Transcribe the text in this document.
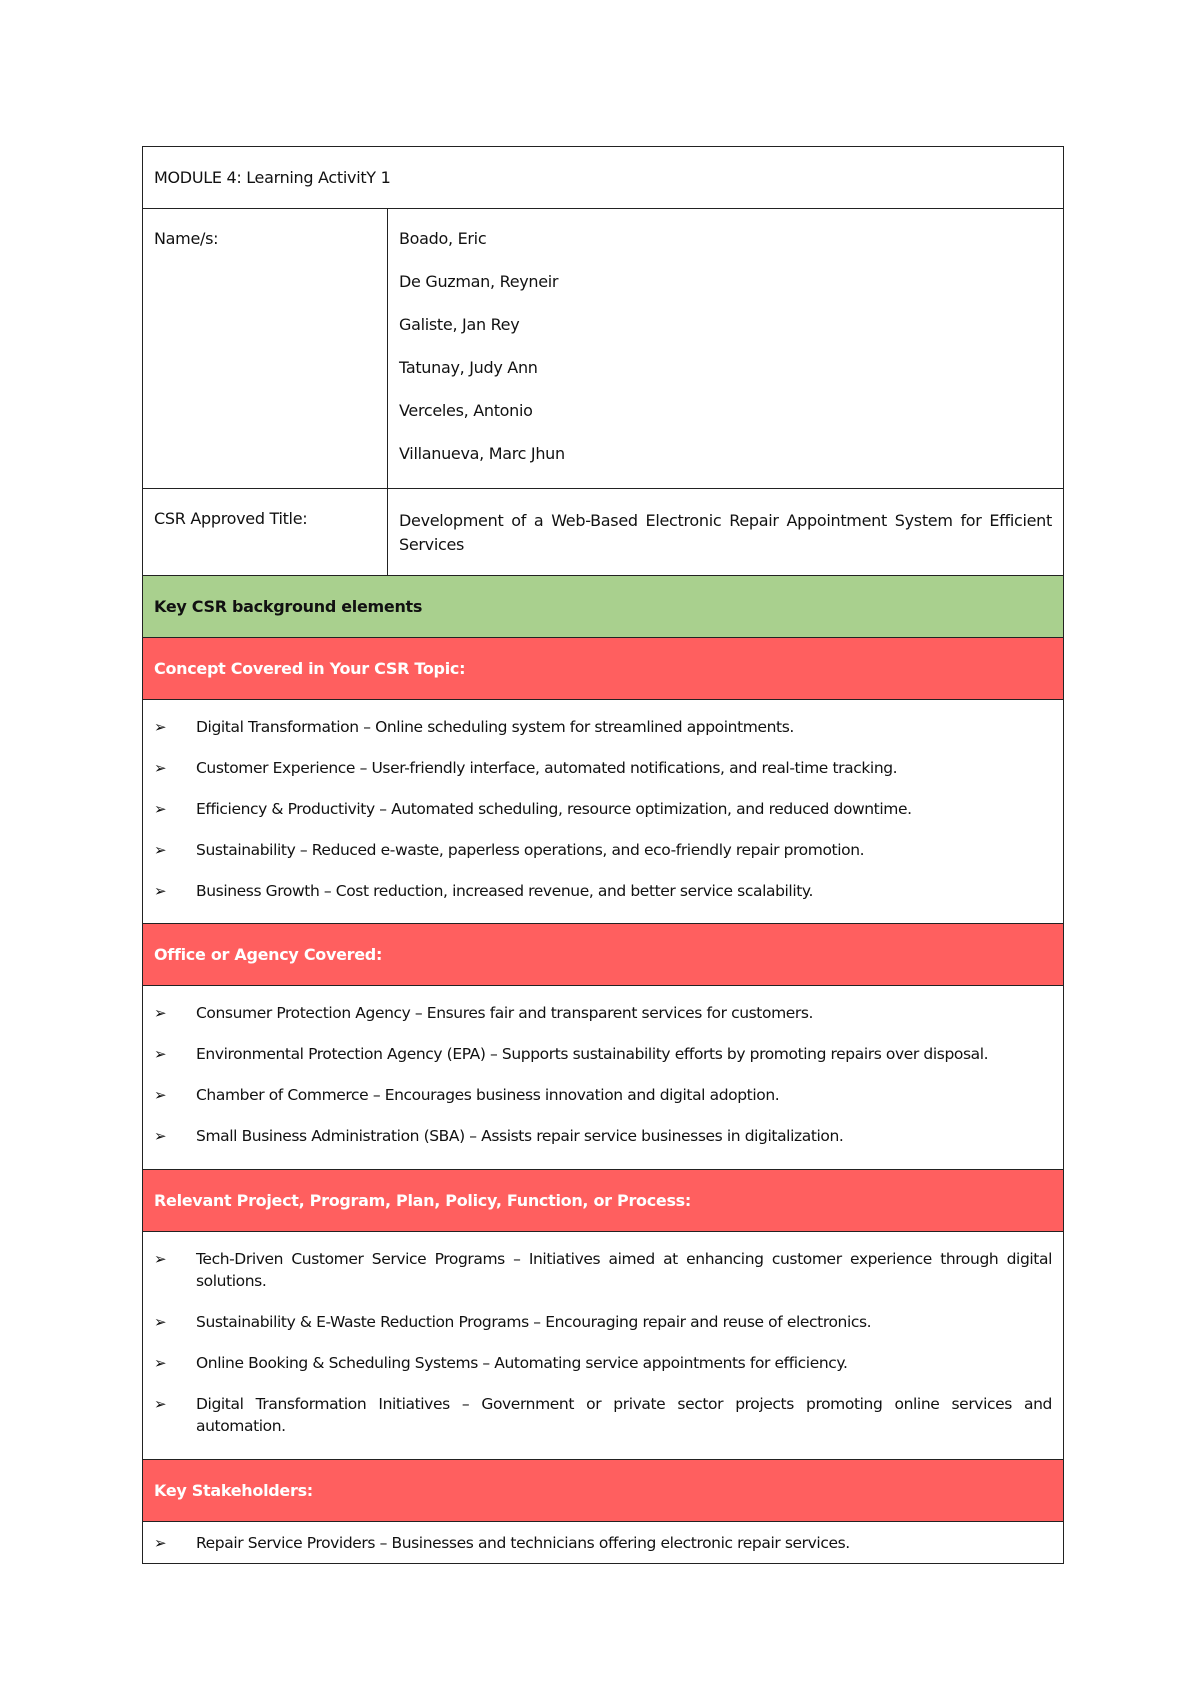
MODULE 4: Learning ActivitY 1
Name/s:	Boado, Eric
De Guzman, Reyneir
Galiste, Jan Rey
Tatunay, Judy Ann
Verceles, Antonio
Villanueva, Marc Jhun
CSR Approved Title:	Development of a Web-Based Electronic Repair Appointment System for Efficient Services
Key CSR background elements
Concept Covered in Your CSR Topic:
➢	Digital Transformation – Online scheduling system for streamlined appointments.
➢	Customer Experience – User-friendly interface, automated notifications, and real-time tracking.
➢	Efficiency & Productivity – Automated scheduling, resource optimization, and reduced downtime.
➢	Sustainability – Reduced e-waste, paperless operations, and eco-friendly repair promotion.
➢	Business Growth – Cost reduction, increased revenue, and better service scalability.
Office or Agency Covered:
➢	Consumer Protection Agency – Ensures fair and transparent services for customers.
➢	Environmental Protection Agency (EPA) – Supports sustainability efforts by promoting repairs over disposal.
➢	Chamber of Commerce – Encourages business innovation and digital adoption.
➢	Small Business Administration (SBA) – Assists repair service businesses in digitalization.
Relevant Project, Program, Plan, Policy, Function, or Process:
➢	Tech-Driven Customer Service Programs – Initiatives aimed at enhancing customer experience through digital solutions.
➢	Sustainability & E-Waste Reduction Programs – Encouraging repair and reuse of electronics.
➢	Online Booking & Scheduling Systems – Automating service appointments for efficiency.
➢	Digital Transformation Initiatives – Government or private sector projects promoting online services and automation.
Key Stakeholders:
➢	Repair Service Providers – Businesses and technicians offering electronic repair services.
